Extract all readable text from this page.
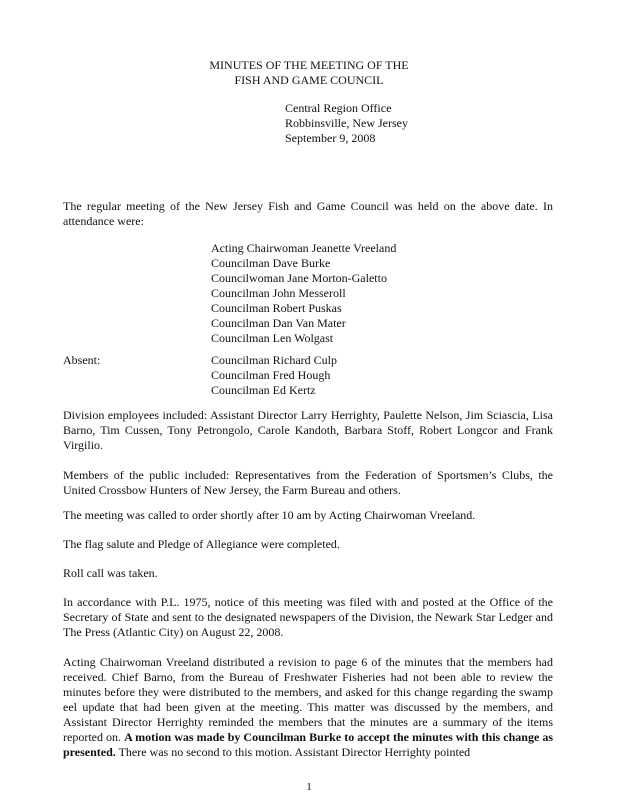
MINUTES OF THE MEETING OF THE
FISH AND GAME COUNCIL
Central Region Office
Robbinsville, New Jersey
September 9, 2008
The regular meeting of the New Jersey Fish and Game Council was held on the above date. In attendance were:
Acting Chairwoman Jeanette Vreeland
Councilman Dave Burke
Councilwoman Jane Morton-Galetto
Councilman John Messeroll
Councilman Robert Puskas
Councilman Dan Van Mater
Councilman Len Wolgast
Absent:	Councilman Richard Culp
Councilman Fred Hough
Councilman Ed Kertz
Division employees included: Assistant Director Larry Herrighty, Paulette Nelson, Jim Sciascia, Lisa Barno, Tim Cussen, Tony Petrongolo, Carole Kandoth, Barbara Stoff, Robert Longcor and Frank Virgilio.
Members of the public included: Representatives from the Federation of Sportsmen’s Clubs, the United Crossbow Hunters of New Jersey, the Farm Bureau and others.
The meeting was called to order shortly after 10 am by Acting Chairwoman Vreeland.
The flag salute and Pledge of Allegiance were completed.
Roll call was taken.
In accordance with P.L. 1975, notice of this meeting was filed with and posted at the Office of the Secretary of State and sent to the designated newspapers of the Division, the Newark Star Ledger and The Press (Atlantic City) on August 22, 2008.
Acting Chairwoman Vreeland distributed a revision to page 6 of the minutes that the members had received. Chief Barno, from the Bureau of Freshwater Fisheries had not been able to review the minutes before they were distributed to the members, and asked for this change regarding the swamp eel update that had been given at the meeting. This matter was discussed by the members, and Assistant Director Herrighty reminded the members that the minutes are a summary of the items reported on. A motion was made by Councilman Burke to accept the minutes with this change as presented. There was no second to this motion. Assistant Director Herrighty pointed
1
